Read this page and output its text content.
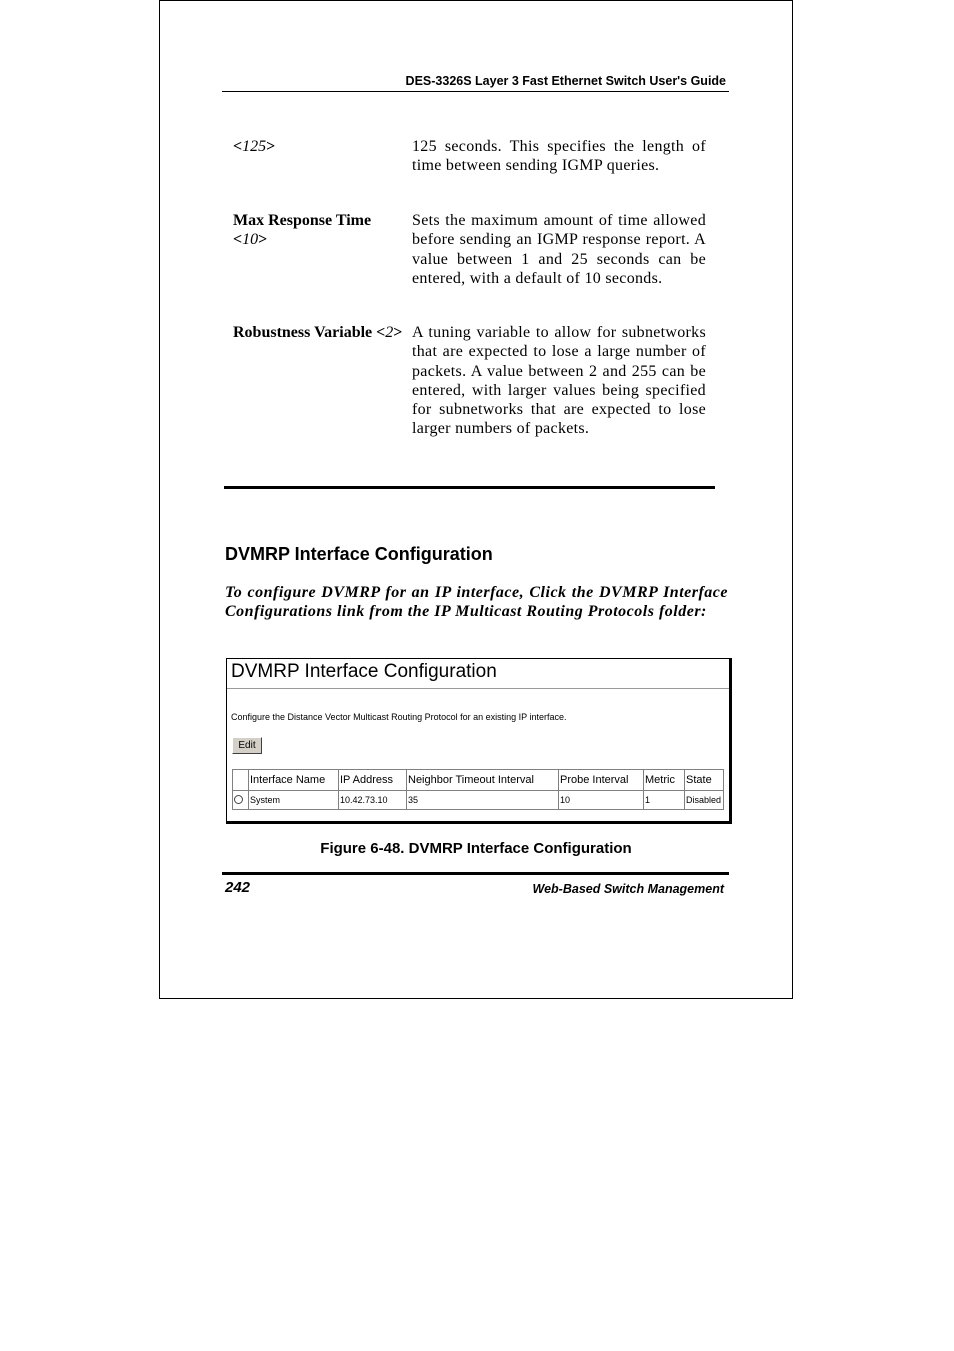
DES-3326S Layer 3 Fast Ethernet Switch User's Guide
<125>	125 seconds. This specifies the length of time between sending IGMP queries.
Max Response Time <10>
Sets the maximum amount of time allowed before sending an IGMP response report. A value between 1 and 25 seconds can be entered, with a default of 10 seconds.
Robustness Variable <2> A tuning variable to allow for subnetworks that are expected to lose a large number of packets. A value between 2 and 255 can be entered, with larger values being specified for subnetworks that are expected to lose larger numbers of packets.
DVMRP Interface Configuration
To configure DVMRP for an IP interface, Click the DVMRP Interface Configurations link from the IP Multicast Routing Protocols folder:
DVMRP Interface Configuration
Configure the Distance Vector Multicast Routing Protocol for an existing IP interface.
Edit
	Interface Name	IP Address	Neighbor Timeout Interval	Probe Interval	Metric	State
	System	10.42.73.10	35	10	1	Disabled
Figure 6-48. DVMRP Interface Configuration
242	Web-Based Switch Management
